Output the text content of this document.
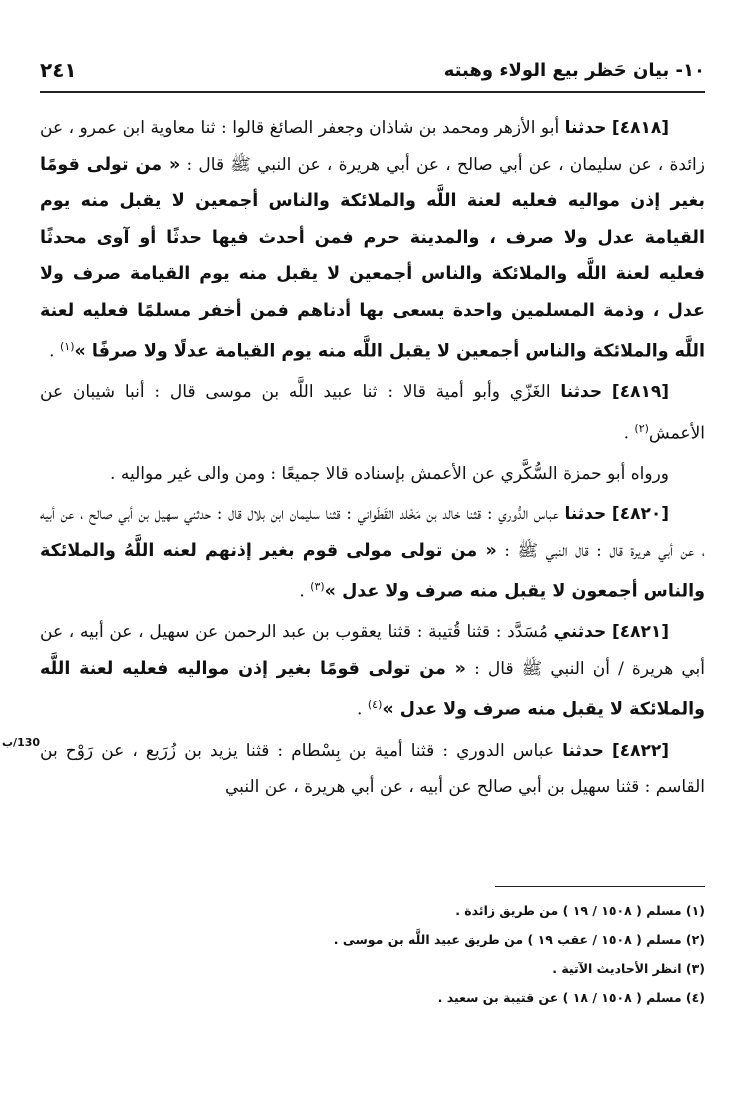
١٠- بيان حَظر بيع الولاء وهبته
٢٤١
130/ب

[٤٨١٨] حدثنا أبو الأزهر ومحمد بن شاذان وجعفر الصائغ قالوا : ثنا معاوية ابن عمرو ، عن زائدة ، عن سليمان ، عن أبي صالح ، عن أبي هريرة ، عن النبي ﷺ قال : « من تولى قومًا بغير إذن مواليه فعليه لعنة اللَّه والملائكة والناس أجمعين لا يقبل منه يوم القيامة عدل ولا صرف ، والمدينة حرم فمن أحدث فيها حدثًا أو آوى محدثًا فعليه لعنة اللَّه والملائكة والناس أجمعين لا يقبل منه يوم القيامة صرف ولا عدل ، وذمة المسلمين واحدة يسعى بها أدناهم فمن أخفر مسلمًا فعليه لعنة اللَّه والملائكة والناس أجمعين لا يقبل اللَّه منه يوم القيامة عدلًا ولا صرفًا »$^{(١)}$ .

[٤٨١٩] حدثنا الغَزّي وأبو أمية قالا : ثنا عبيد اللَّه بن موسى قال : أنبا شيبان عن الأعمش$^{(٢)}$ .

ورواه أبو حمزة السُّكَّري عن الأعمش بإسناده قالا جميعًا : ومن والى غير مواليه .

[٤٨٢٠] حدثنا عباس الدُّوري : قثنا خالد بن مَخْلد القَطَواني : قثنا سليمان ابن بلال قال : حدثني سهيل بن أبي صالح ، عن أبيه ، عن أبي هريرة قال : قال النبي ﷺ : « من تولى مولى قوم بغير إذنهم لعنه اللَّهُ والملائكة والناس أجمعون لا يقبل منه صرف ولا عدل »$^{(٣)}$ .

[٤٨٢١] حدثني مُسَدَّد : قثنا قُتيبة : قثنا يعقوب بن عبد الرحمن عن سهيل ، عن أبيه ، عن أبي هريرة / أن النبي ﷺ قال : « من تولى قومًا بغير إذن مواليه فعليه لعنة اللَّه والملائكة لا يقبل منه صرف ولا عدل »$^{(٤)}$ .

[٤٨٢٢] حدثنا عباس الدوري : قثنا أمية بن بِسْطام : قثنا يزيد بن زُرَيع ، عن رَوْح بن القاسم : قثنا سهيل بن أبي صالح عن أبيه ، عن أبي هريرة ، عن النبي

(١) مسلم ( ١٥٠٨ / ١٩ ) من طريق زائدة .

(٢) مسلم ( ١٥٠٨ / عقب ١٩ ) من طريق عبيد اللَّه بن موسى .

(٣) انظر الأحاديث الآتية .

(٤) مسلم ( ١٥٠٨ / ١٨ ) عن قتيبة بن سعيد .
